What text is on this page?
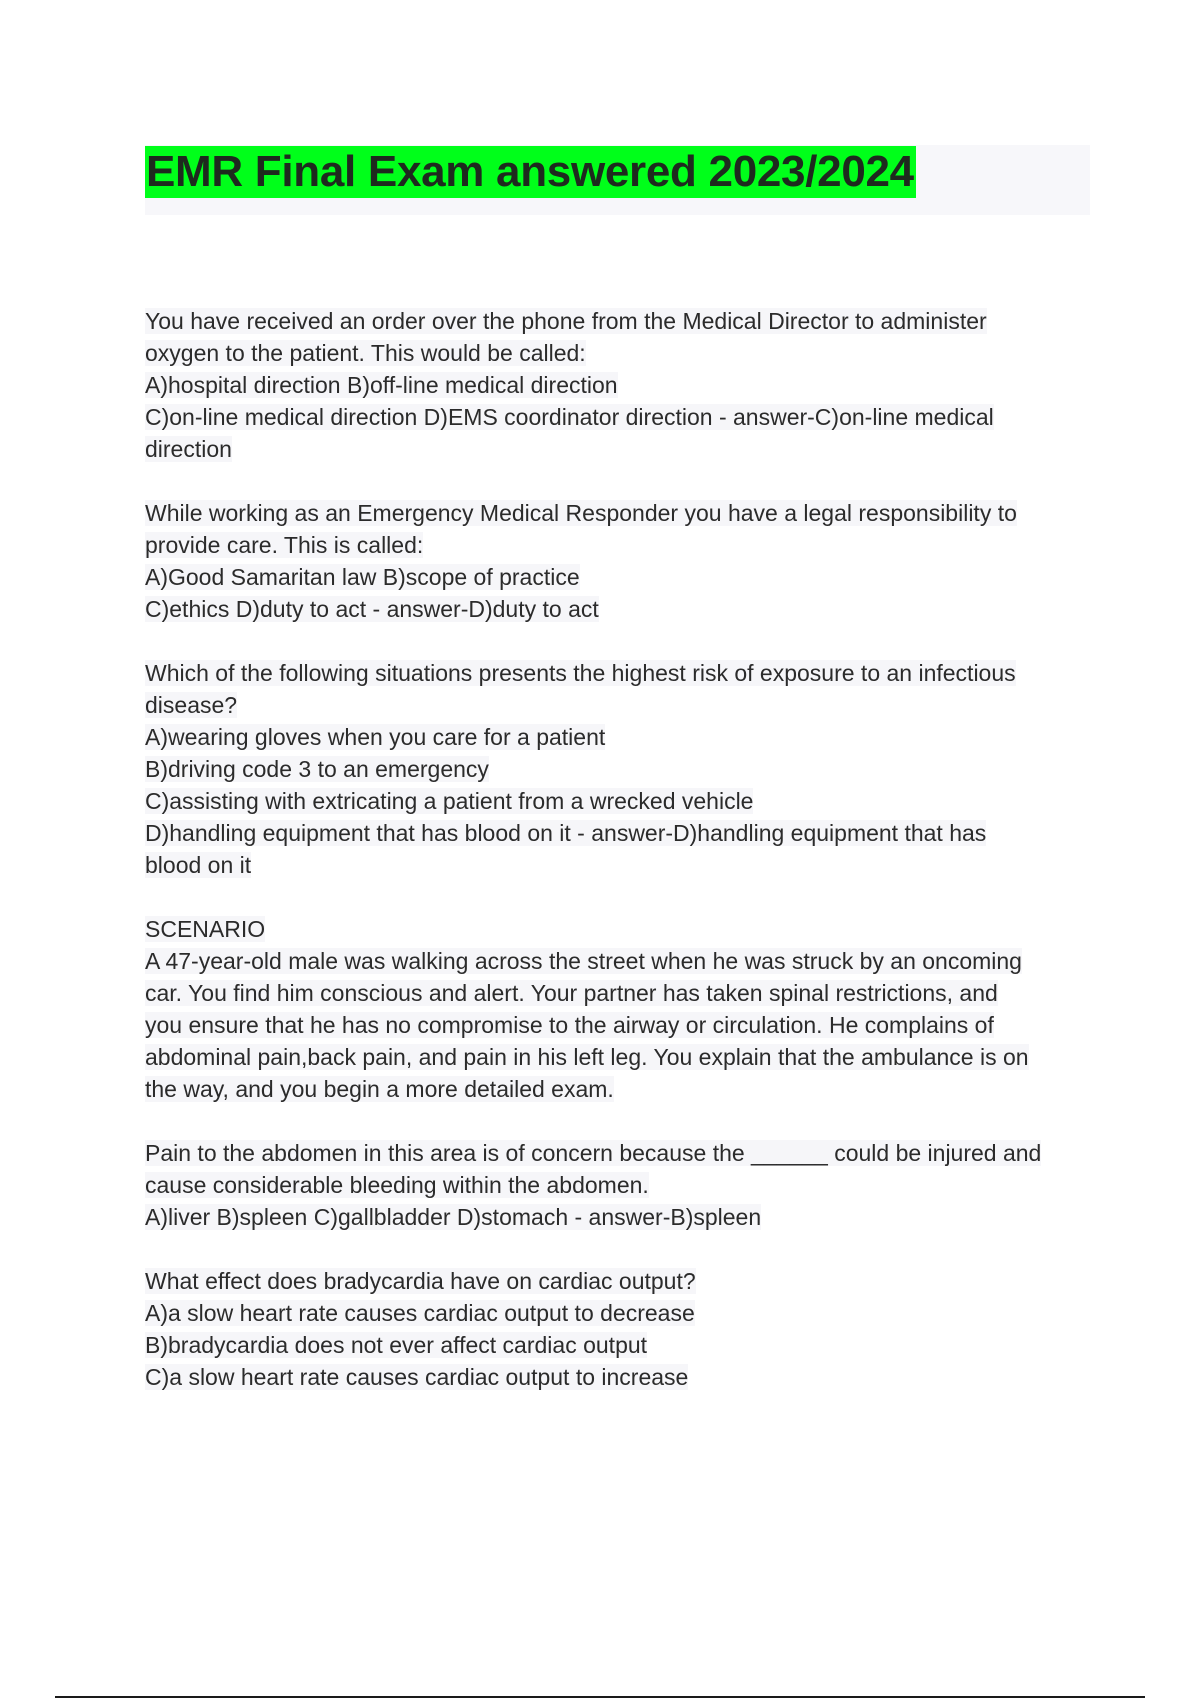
EMR Final Exam answered 2023/2024
You have received an order over the phone from the Medical Director to administer
oxygen to the patient. This would be called:
A)hospital direction B)off-line medical direction
C)on-line medical direction D)EMS coordinator direction - answer-C)on-line medical
direction
While working as an Emergency Medical Responder you have a legal responsibility to
provide care. This is called:
A)Good Samaritan law B)scope of practice
C)ethics D)duty to act - answer-D)duty to act
Which of the following situations presents the highest risk of exposure to an infectious
disease?
A)wearing gloves when you care for a patient
B)driving code 3 to an emergency
C)assisting with extricating a patient from a wrecked vehicle
D)handling equipment that has blood on it - answer-D)handling equipment that has
blood on it
SCENARIO
A 47-year-old male was walking across the street when he was struck by an oncoming
car. You find him conscious and alert. Your partner has taken spinal restrictions, and
you ensure that he has no compromise to the airway or circulation. He complains of
abdominal pain,back pain, and pain in his left leg. You explain that the ambulance is on
the way, and you begin a more detailed exam.
Pain to the abdomen in this area is of concern because the ______ could be injured and
cause considerable bleeding within the abdomen.
A)liver B)spleen C)gallbladder D)stomach - answer-B)spleen
What effect does bradycardia have on cardiac output?
A)a slow heart rate causes cardiac output to decrease
B)bradycardia does not ever affect cardiac output
C)a slow heart rate causes cardiac output to increase
